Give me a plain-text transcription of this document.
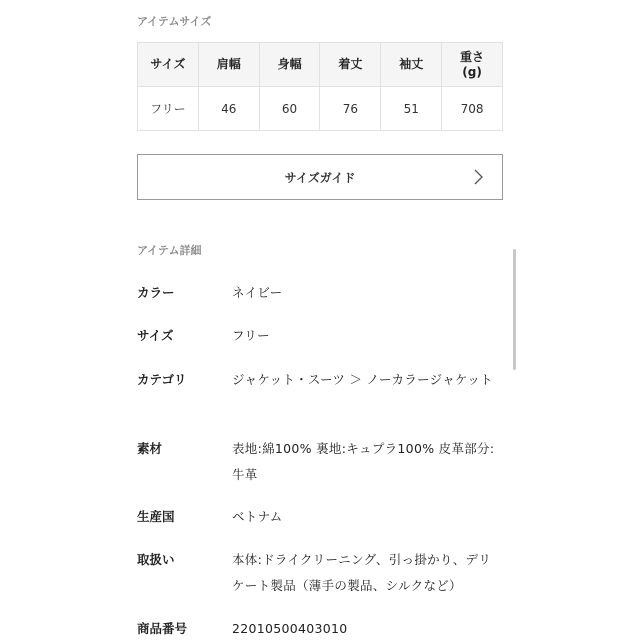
アイテムサイズ
サイズ	肩幅	身幅	着丈	袖丈	重さ(g)
フリー	46	60	76	51	708
サイズガイド
アイテム詳細
カラー	ネイビー
サイズ	フリー
カテゴリ	ジャケット・スーツ ＞ ノーカラージャケット
素材	表地:綿100% 裏地:キュプラ100% 皮革部分:牛革
生産国	ベトナム
取扱い	本体:ドライクリーニング、引っ掛かり、デリケート製品（薄手の製品、シルクなど）
商品番号	22010500403010
